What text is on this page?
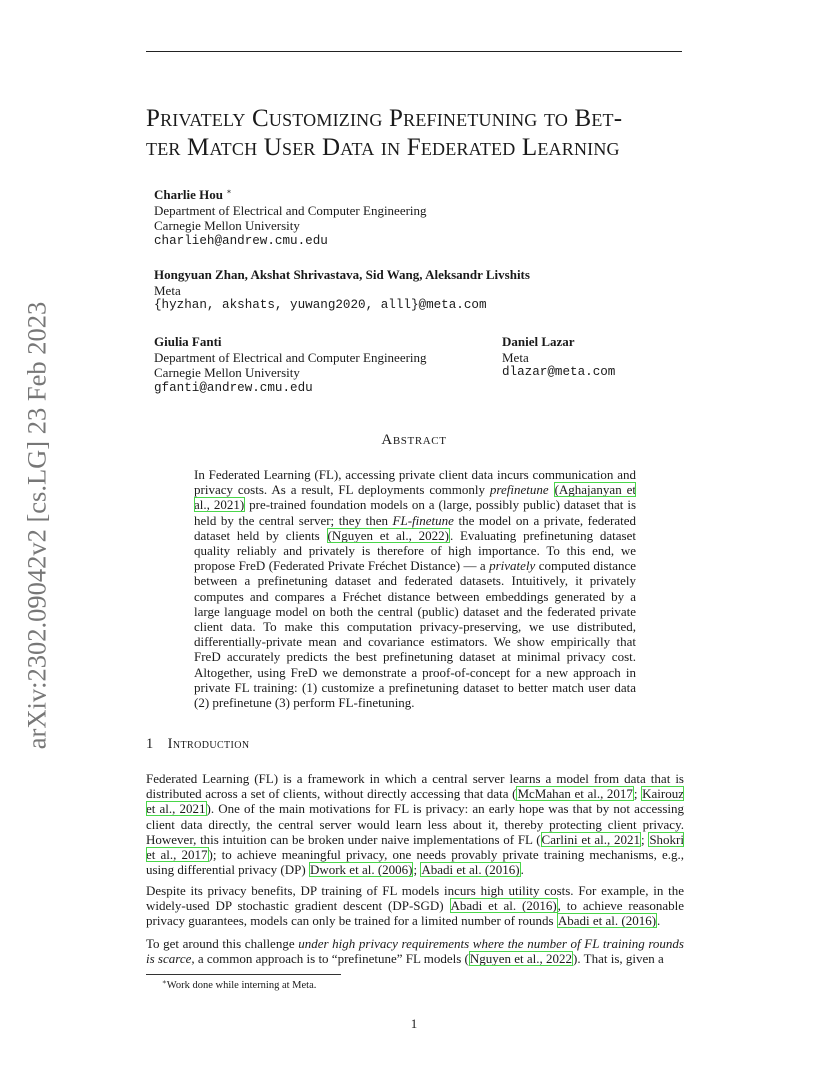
arXiv:2302.09042v2 [cs.LG] 23 Feb 2023
Privately Customizing Prefinetuning to Bet-
ter Match User Data in Federated Learning
Charlie Hou ∗
Department of Electrical and Computer Engineering
Carnegie Mellon University
charlieh@andrew.cmu.edu
Hongyuan Zhan, Akshat Shrivastava, Sid Wang, Aleksandr Livshits
Meta
{hyzhan, akshats, yuwang2020, alll}@meta.com
Giulia Fanti
Department of Electrical and Computer Engineering
Carnegie Mellon University
gfanti@andrew.cmu.edu
Daniel Lazar
Meta
dlazar@meta.com
Abstract

In Federated Learning (FL), accessing private client data incurs communication and privacy costs. As a result, FL deployments commonly prefinetune (Aghajanyan et al., 2021) pre-trained foundation models on a (large, possibly public) dataset that is held by the central server; they then FL-finetune the model on a private, federated dataset held by clients (Nguyen et al., 2022). Evaluating prefinetuning dataset quality reliably and privately is therefore of high importance. To this end, we propose FreD (Federated Private Fréchet Distance) — a privately computed distance between a prefinetuning dataset and federated datasets. Intuitively, it privately computes and compares a Fréchet distance between embeddings generated by a large language model on both the central (public) dataset and the federated private client data. To make this computation privacy-preserving, we use distributed, differentially-private mean and covariance estimators. We show empirically that FreD accurately predicts the best prefinetuning dataset at minimal privacy cost. Altogether, using FreD we demonstrate a proof-of-concept for a new approach in private FL training: (1) customize a prefinetuning dataset to better match user data (2) prefinetune (3) perform FL-finetuning.

1 Introduction

Federated Learning (FL) is a framework in which a central server learns a model from data that is distributed across a set of clients, without directly accessing that data (McMahan et al., 2017; Kairouz et al., 2021). One of the main motivations for FL is privacy: an early hope was that by not accessing client data directly, the central server would learn less about it, thereby protecting client privacy. However, this intuition can be broken under naive implementations of FL (Carlini et al., 2021; Shokri et al., 2017); to achieve meaningful privacy, one needs provably private training mechanisms, e.g., using differential privacy (DP) Dwork et al. (2006); Abadi et al. (2016).

Despite its privacy benefits, DP training of FL models incurs high utility costs. For example, in the widely-used DP stochastic gradient descent (DP-SGD) Abadi et al. (2016), to achieve reasonable privacy guarantees, models can only be trained for a limited number of rounds Abadi et al. (2016).

To get around this challenge under high privacy requirements where the number of FL training rounds is scarce, a common approach is to “prefinetune” FL models (Nguyen et al., 2022). That is, given a

∗Work done while interning at Meta.
1
